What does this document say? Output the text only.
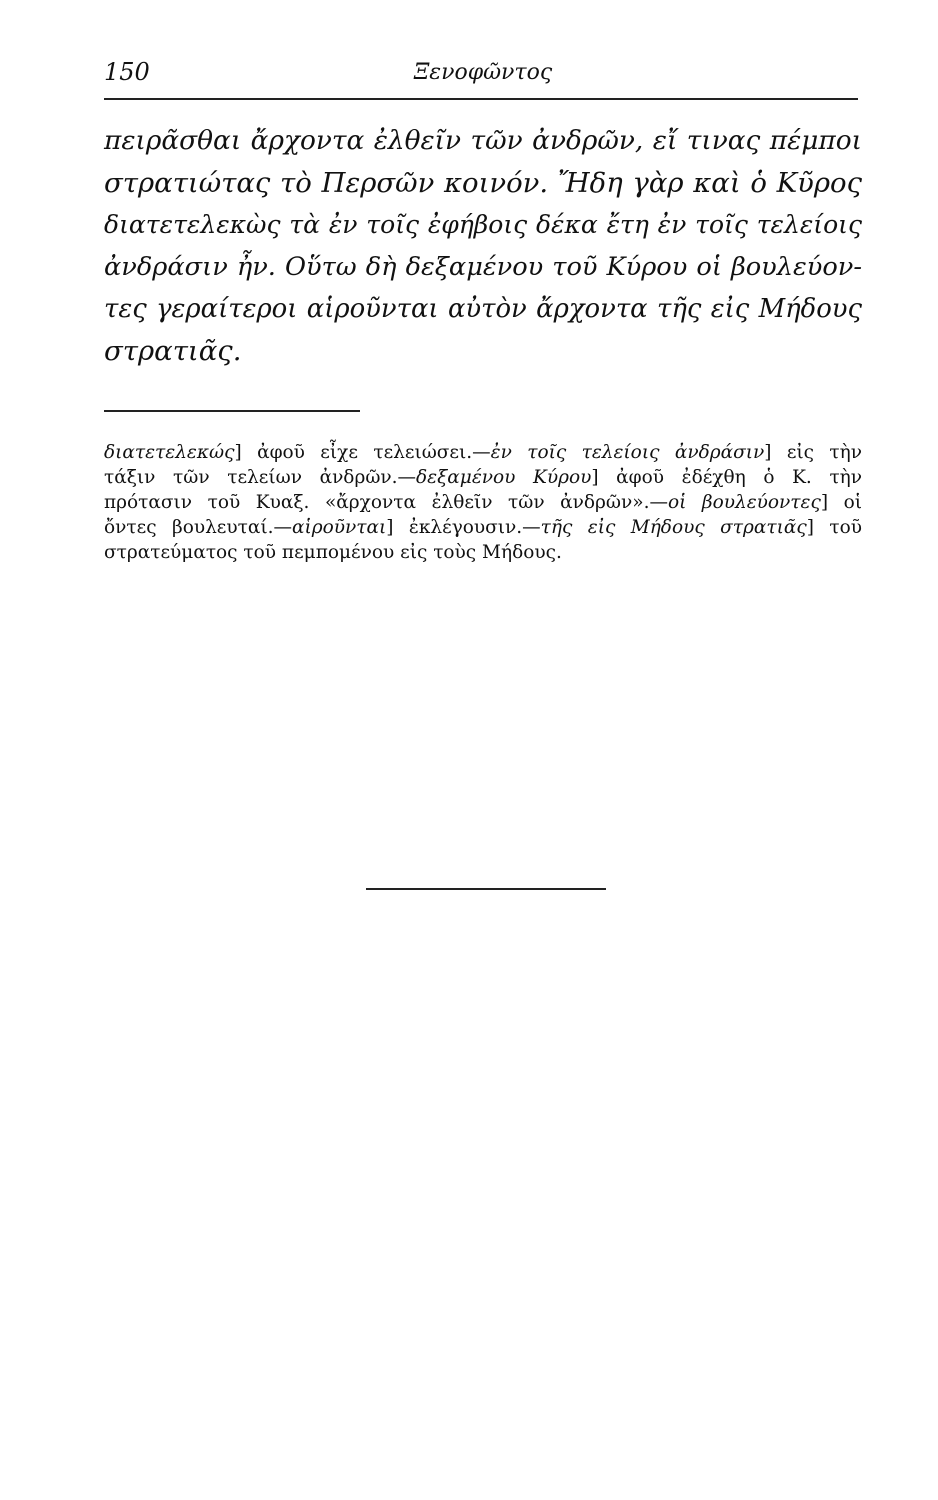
150	Ξενοφῶντος
πειρᾶσθαι ἄρχοντα ἐλθεῖν τῶν ἀνδρῶν, εἴ τινας πέμποι
στρατιώτας τὸ Περσῶν κοινόν. Ἤδη γὰρ καὶ ὁ Κῦρος
διατετελεκὼς τὰ ἐν τοῖς ἐφήβοις δέκα ἔτη ἐν τοῖς τελείοις
ἀνδράσιν ἦν. Οὕτω δὴ δεξαμένου τοῦ Κύρου οἱ βουλεύον-
τες γεραίτεροι αἱροῦνται αὐτὸν ἄρχοντα τῆς εἰς Μήδους
στρατιᾶς.
διατετελεκώς] ἀφοῦ εἶχε τελειώσει.—ἐν τοῖς τελείοις ἀνδράσιν] εἰς τὴν
τάξιν τῶν τελείων ἀνδρῶν.—δεξαμένου Κύρου] ἀφοῦ ἐδέχθη ὁ Κ. τὴν
πρότασιν τοῦ Κυαξ. «ἄρχοντα ἐλθεῖν τῶν ἀνδρῶν».—οἱ βουλεύοντες] οἱ
ὄντες βουλευταί.—αἱροῦνται] ἐκλέγουσιν.—τῆς εἰς Μήδους στρατιᾶς] τοῦ
στρατεύματος τοῦ πεμπομένου εἰς τοὺς Μήδους.
